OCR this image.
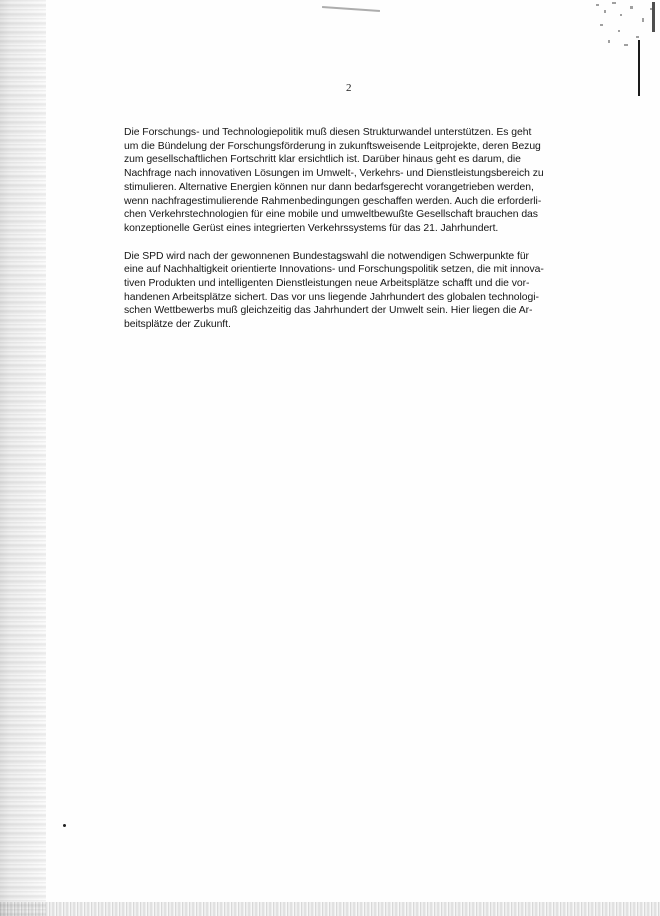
2

Die Forschungs- und Technologiepolitik muß diesen Strukturwandel unterstützen. Es geht
um die Bündelung der Forschungsförderung in zukunftsweisende Leitprojekte, deren Bezug
zum gesellschaftlichen Fortschritt klar ersichtlich ist. Darüber hinaus geht es darum, die
Nachfrage nach innovativen Lösungen im Umwelt-, Verkehrs- und Dienstleistungsbereich zu
stimulieren. Alternative Energien können nur dann bedarfsgerecht vorangetrieben werden,
wenn nachfragestimulierende Rahmenbedingungen geschaffen werden. Auch die erforderli-
chen Verkehrstechnologien für eine mobile und umweltbewußte Gesellschaft brauchen das
konzeptionelle Gerüst eines integrierten Verkehrssystems für das 21. Jahrhundert.

Die SPD wird nach der gewonnenen Bundestagswahl die notwendigen Schwerpunkte für
eine auf Nachhaltigkeit orientierte Innovations- und Forschungspolitik setzen, die mit innova-
tiven Produkten und intelligenten Dienstleistungen neue Arbeitsplätze schafft und die vor-
handenen Arbeitsplätze sichert. Das vor uns liegende Jahrhundert des globalen technologi-
schen Wettbewerbs muß gleichzeitig das Jahrhundert der Umwelt sein. Hier liegen die Ar-
beitsplätze der Zukunft.
